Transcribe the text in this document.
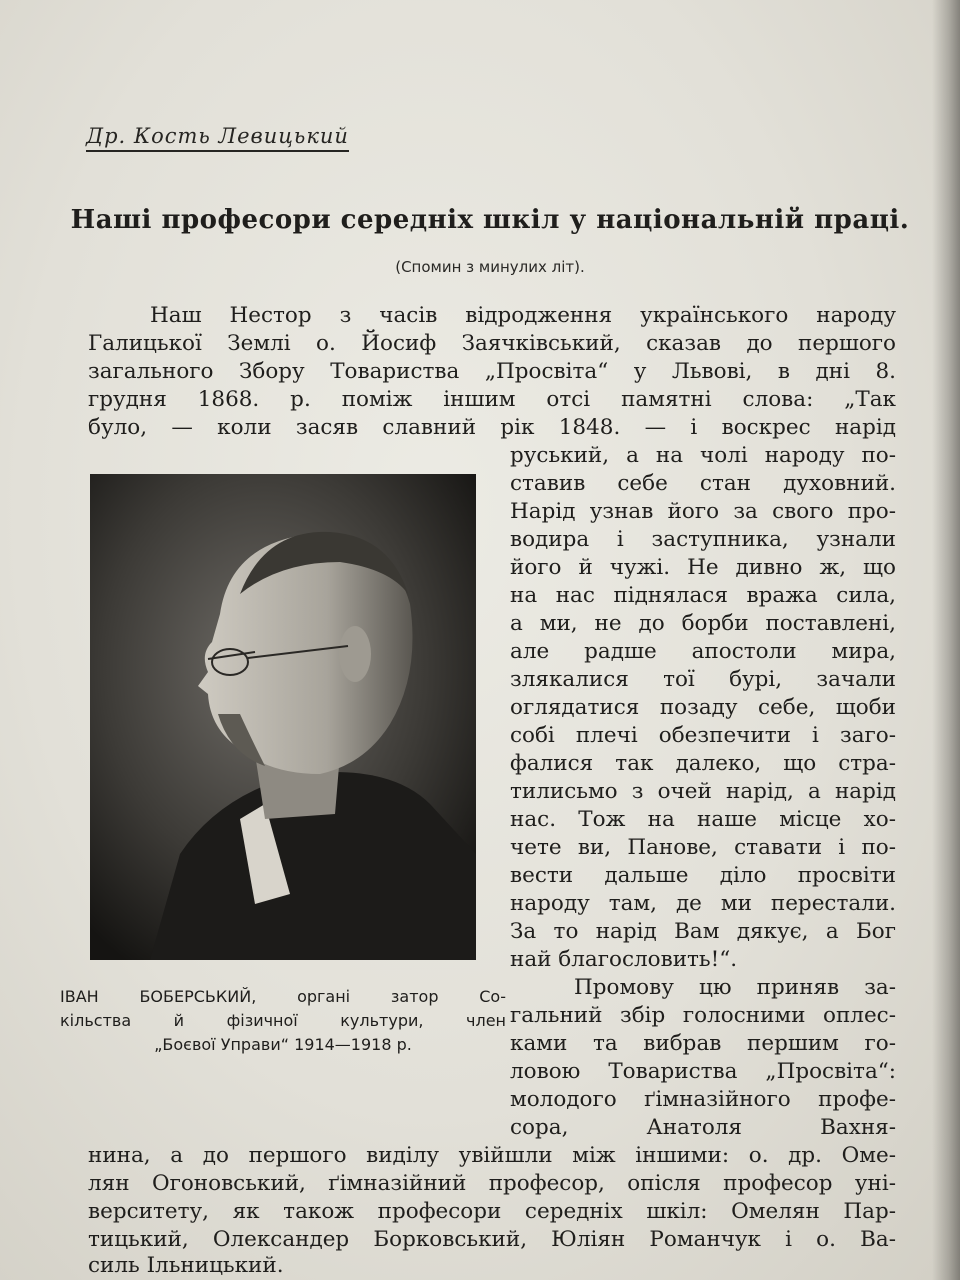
Др. Кость Левицький
Наші професори середніх шкіл у національній праці.
(Спомин з минулих літ).
Наш Нестор з часів відродження українського народу
Галицької Землі о. Йосиф Заячківський, сказав до першого
загального Збору Товариства „Просвіта“ у Львові, в дні 8.
грудня 1868. р. поміж іншим отсі памятні слова: „Так
було, — коли засяв славний рік 1848. — і воскрес нарід
руський, а на чолі народу по-
ставив себе стан духовний.
Нарід узнав його за свого про-
водира і заступника, узнали
його й чужі. Не дивно ж, що
на нас піднялася вража сила,
а ми, не до борби поставлені,
але радше апостоли мира,
злякалися тої бурі, зачали
оглядатися позаду себе, щоби
собі плечі обезпечити і заго-
фалися так далеко, що стра-
тилисьмо з очей нарід, а нарід
нас. Тож на наше місце хо-
чете ви, Панове, ставати і по-
вести дальше діло просвіти
народу там, де ми перестали.
За то нарід Вам дякує, а Бог
най благословить!“.
Промову цю приняв за-
гальний збір голосними оплес-
ками та вибрав першим го-
ловою Товариства „Просвіта“:
молодого ґімназійного профе-
сора, Анатоля Вахня-
нина, а до першого виділу увійшли між іншими: о. др. Оме-
лян Огоновський, ґімназійний професор, опісля професор уні-
верситету, як також професори середніх шкіл: Омелян Пар-
тицький, Олександер Борковський, Юліян Романчук і о. Ва-
силь Ільницький.
ІВАН БОБЕРСЬКИЙ, органі затор Со-
кільства й фізичної культури, член
„Боєвої Управи“ 1914—1918 р.
